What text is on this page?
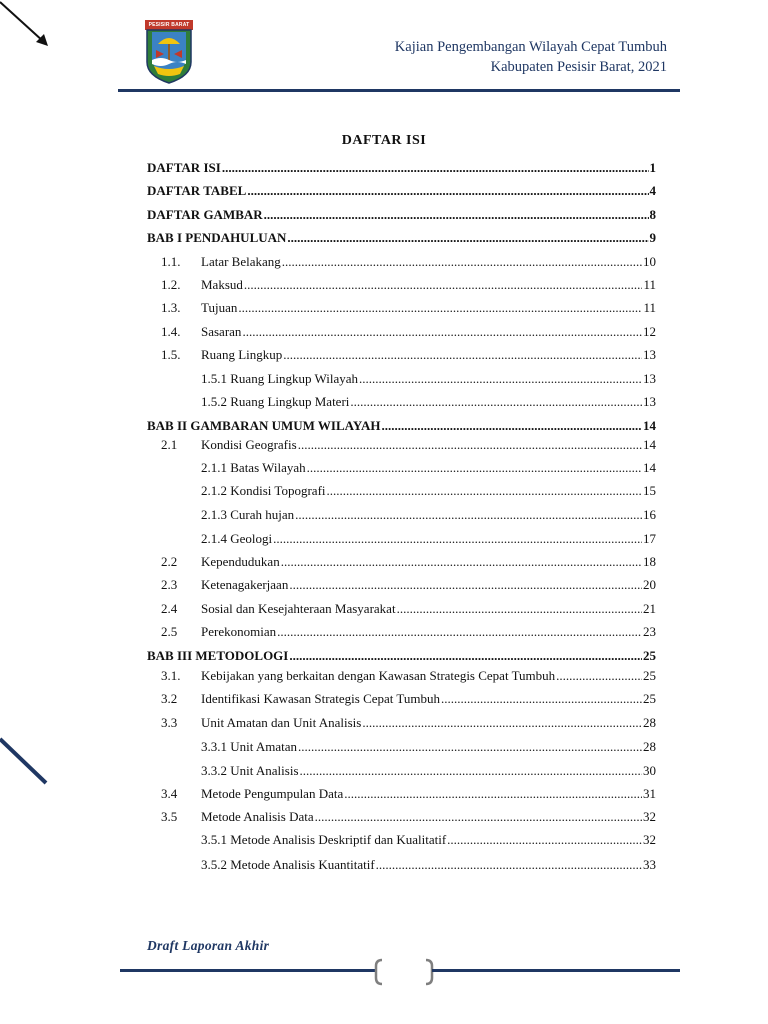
PESISIR BARAT
Kajian Pengembangan Wilayah Cepat Tumbuh
Kabupaten Pesisir Barat, 2021
DAFTAR ISI
DAFTAR ISI .....	1
DAFTAR TABEL .....	4
DAFTAR GAMBAR .....	8
BAB I PENDAHULUAN .....	9
1.1. Latar Belakang .....	10
1.2. Maksud .....	11
1.3. Tujuan .....	11
1.4. Sasaran .....	12
1.5. Ruang Lingkup .....	13
1.5.1 Ruang Lingkup Wilayah .....	13
1.5.2 Ruang Lingkup Materi .....	13
BAB II GAMBARAN UMUM WILAYAH .....	14
2.1 Kondisi Geografis .....	14
2.1.1 Batas Wilayah .....	14
2.1.2 Kondisi Topografi .....	15
2.1.3 Curah hujan .....	16
2.1.4 Geologi .....	17
2.2 Kependudukan .....	18
2.3 Ketenagakerjaan .....	20
2.4 Sosial dan Kesejahteraan Masyarakat .....	21
2.5 Perekonomian .....	23
BAB III METODOLOGI .....	25
3.1. Kebijakan yang berkaitan dengan Kawasan Strategis Cepat Tumbuh .....	25
3.2 Identifikasi Kawasan Strategis Cepat Tumbuh .....	25
3.3 Unit Amatan dan Unit Analisis .....	28
3.3.1 Unit Amatan .....	28
3.3.2 Unit Analisis .....	30
3.4 Metode Pengumpulan Data .....	31
3.5 Metode Analisis Data .....	32
3.5.1 Metode Analisis Deskriptif dan Kualitatif .....	32
3.5.2 Metode Analisis Kuantitatif .....	33
Draft Laporan Akhir
